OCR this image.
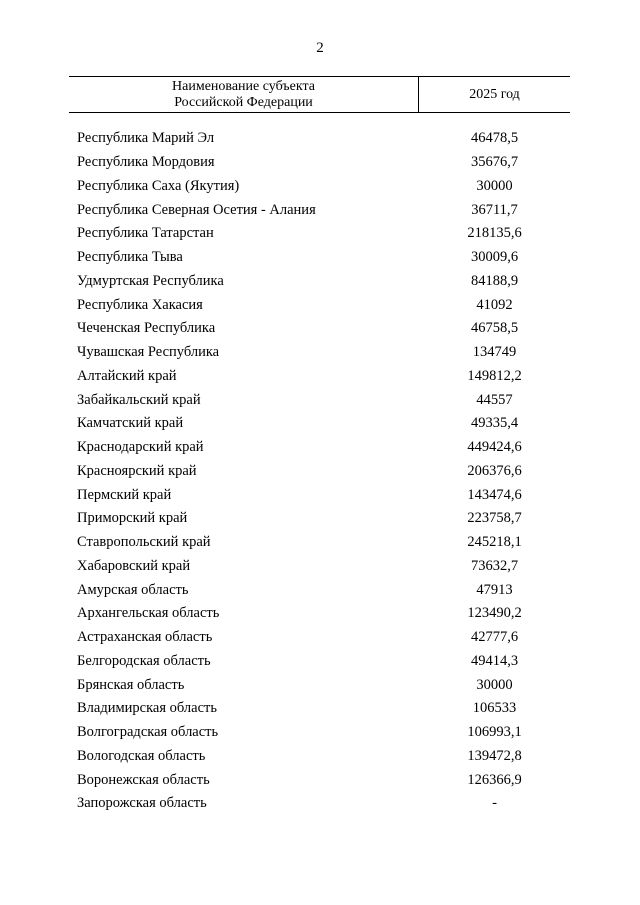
2
Наименование субъекта
Российской Федерации
2025 год
Республика Марий Эл	46478,5
Республика Мордовия	35676,7
Республика Саха (Якутия)	30000
Республика Северная Осетия - Алания	36711,7
Республика Татарстан	218135,6
Республика Тыва	30009,6
Удмуртская Республика	84188,9
Республика Хакасия	41092
Чеченская Республика	46758,5
Чувашская Республика	134749
Алтайский край	149812,2
Забайкальский край	44557
Камчатский край	49335,4
Краснодарский край	449424,6
Красноярский край	206376,6
Пермский край	143474,6
Приморский край	223758,7
Ставропольский край	245218,1
Хабаровский край	73632,7
Амурская область	47913
Архангельская область	123490,2
Астраханская область	42777,6
Белгородская область	49414,3
Брянская область	30000
Владимирская область	106533
Волгоградская область	106993,1
Вологодская область	139472,8
Воронежская область	126366,9
Запорожская область	-
